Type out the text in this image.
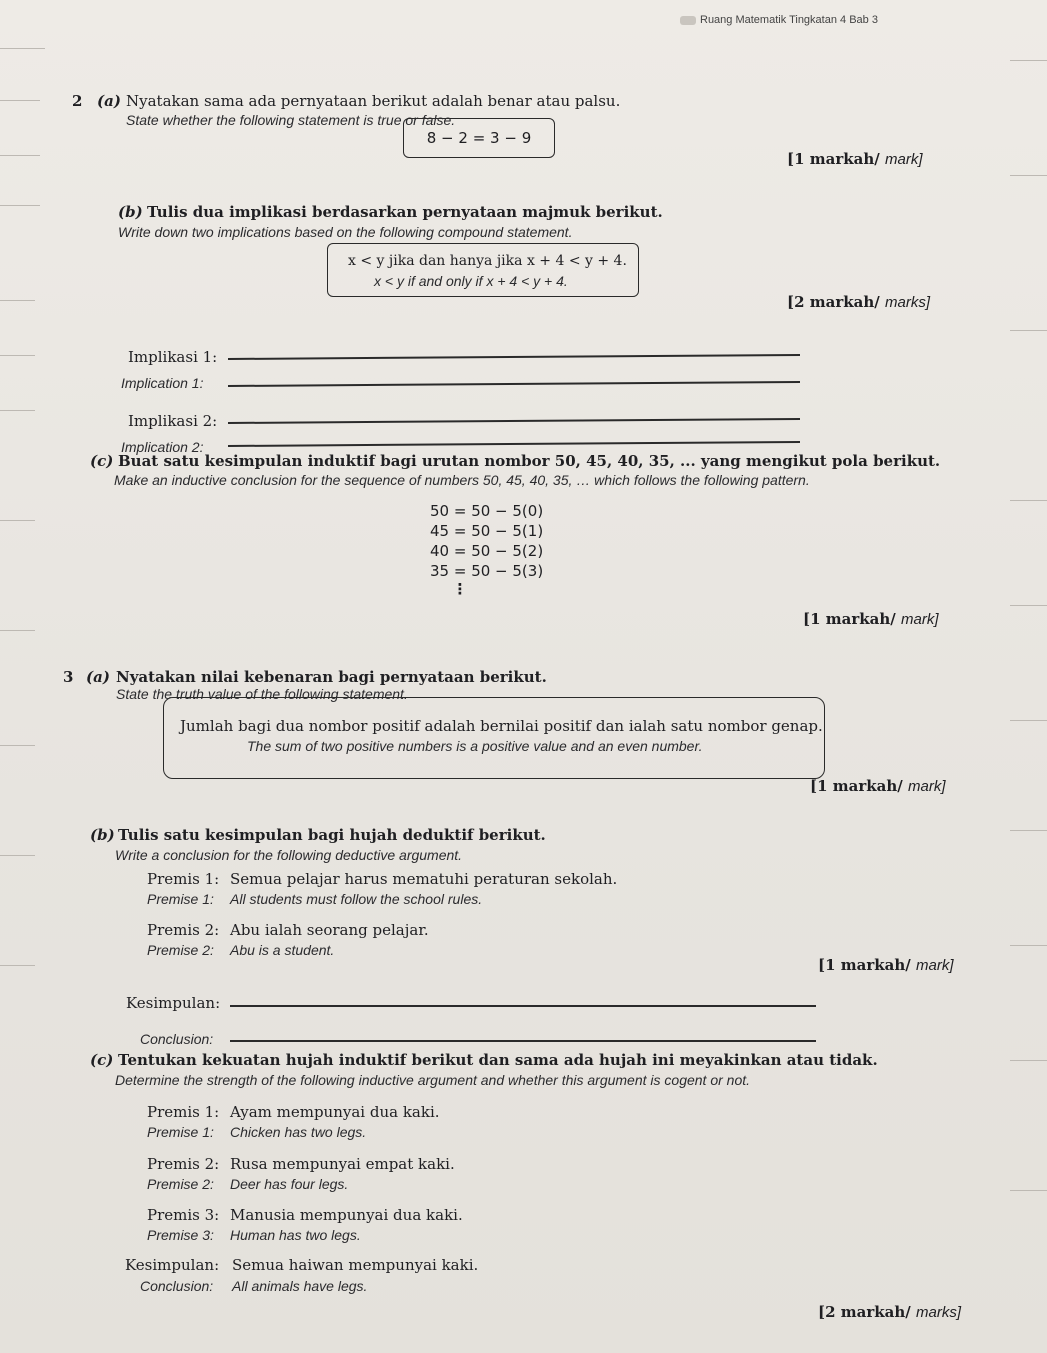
Ruang Matematik Tingkatan 4 Bab 3
2 (a) Nyatakan sama ada pernyataan berikut adalah benar atau palsu.
State whether the following statement is true or false.
8 − 2 = 3 − 9
[1 markah/ mark]
(b) Tulis dua implikasi berdasarkan pernyataan majmuk berikut.
Write down two implications based on the following compound statement.
x < y jika dan hanya jika x + 4 < y + 4.
x < y if and only if x + 4 < y + 4.
[2 markah/ marks]
Implikasi 1:
Implication 1:
Implikasi 2:
Implication 2:
(c) Buat satu kesimpulan induktif bagi urutan nombor 50, 45, 40, 35, ... yang mengikut pola berikut.
Make an inductive conclusion for the sequence of numbers 50, 45, 40, 35, … which follows the following pattern.
50 = 50 − 5(0)
45 = 50 − 5(1)
40 = 50 − 5(2)
35 = 50 − 5(3)
⋮
[1 markah/ mark]
3 (a) Nyatakan nilai kebenaran bagi pernyataan berikut.
State the truth value of the following statement.
Jumlah bagi dua nombor positif adalah bernilai positif dan ialah satu nombor genap.
The sum of two positive numbers is a positive value and an even number.
[1 markah/ mark]
(b) Tulis satu kesimpulan bagi hujah deduktif berikut.
Write a conclusion for the following deductive argument.
Premis 1: Semua pelajar harus mematuhi peraturan sekolah.
Premise 1: All students must follow the school rules.
Premis 2: Abu ialah seorang pelajar.
Premise 2: Abu is a student.
[1 markah/ mark]
Kesimpulan:
Conclusion:
(c) Tentukan kekuatan hujah induktif berikut dan sama ada hujah ini meyakinkan atau tidak.
Determine the strength of the following inductive argument and whether this argument is cogent or not.
Premis 1: Ayam mempunyai dua kaki.
Premise 1: Chicken has two legs.
Premis 2: Rusa mempunyai empat kaki.
Premise 2: Deer has four legs.
Premis 3: Manusia mempunyai dua kaki.
Premise 3: Human has two legs.
Kesimpulan: Semua haiwan mempunyai kaki.
Conclusion: All animals have legs.
[2 markah/ marks]
